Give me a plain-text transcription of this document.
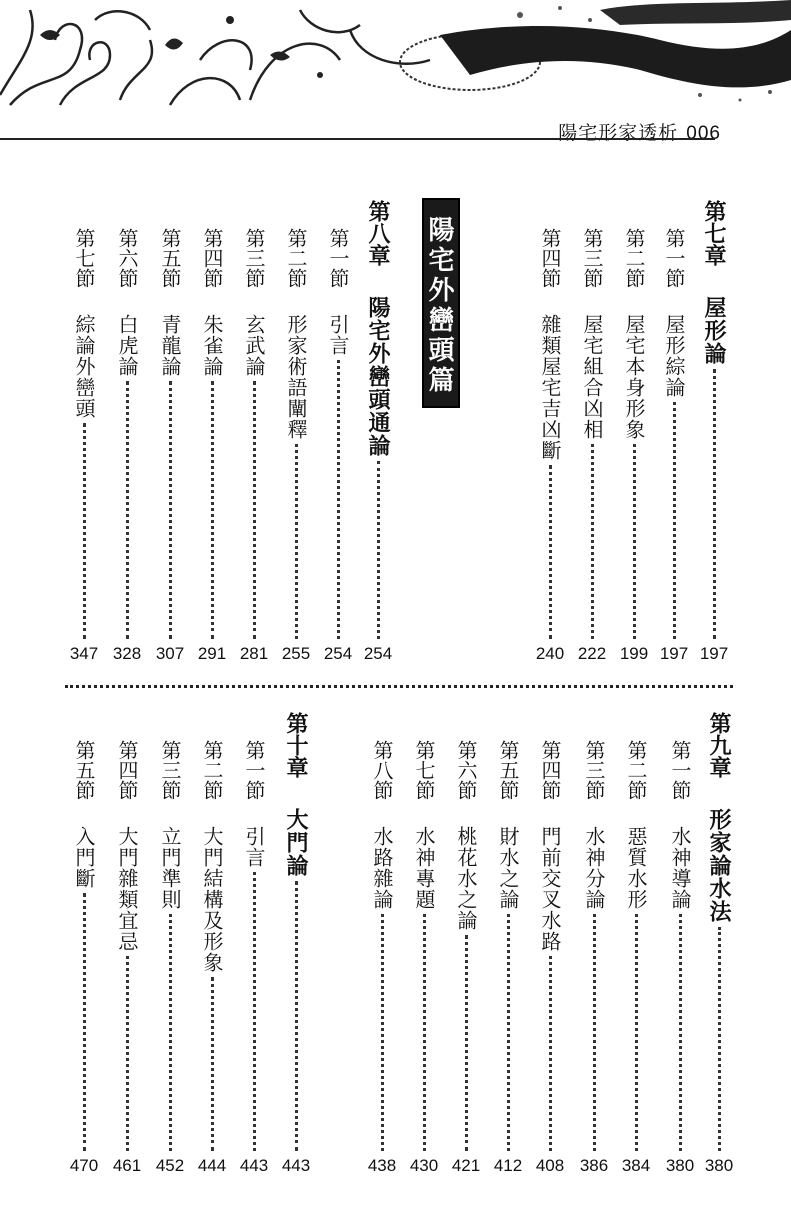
陽宅形家透析 006
陽宅外巒頭篇	第七章
屋形論
197
第一節
屋形綜論
197
第二節
屋宅本身形象
199
第三節
屋宅組合凶相
222
第四節
雜類屋宅吉凶斷
240
第八章
陽宅外巒頭通論
254
第一節
引言
254
第二節
形家術語闡釋
255
第三節
玄武論
281
第四節
朱雀論
291
第五節
青龍論
307
第六節
白虎論
328
第七節
綜論外巒頭
347
第九章
形家論水法
380
第一節
水神導論
380
第二節
惡質水形
384
第三節
水神分論
386
第四節
門前交叉水路
408
第五節
財水之論
412
第六節
桃花水之論
421
第七節
水神專題
430
第八節
水路雜論
438
第十章
大門論
443
第一節
引言
443
第二節
大門結構及形象
444
第三節
立門準則
452
第四節
大門雜類宜忌
461
第五節
入門斷
470
